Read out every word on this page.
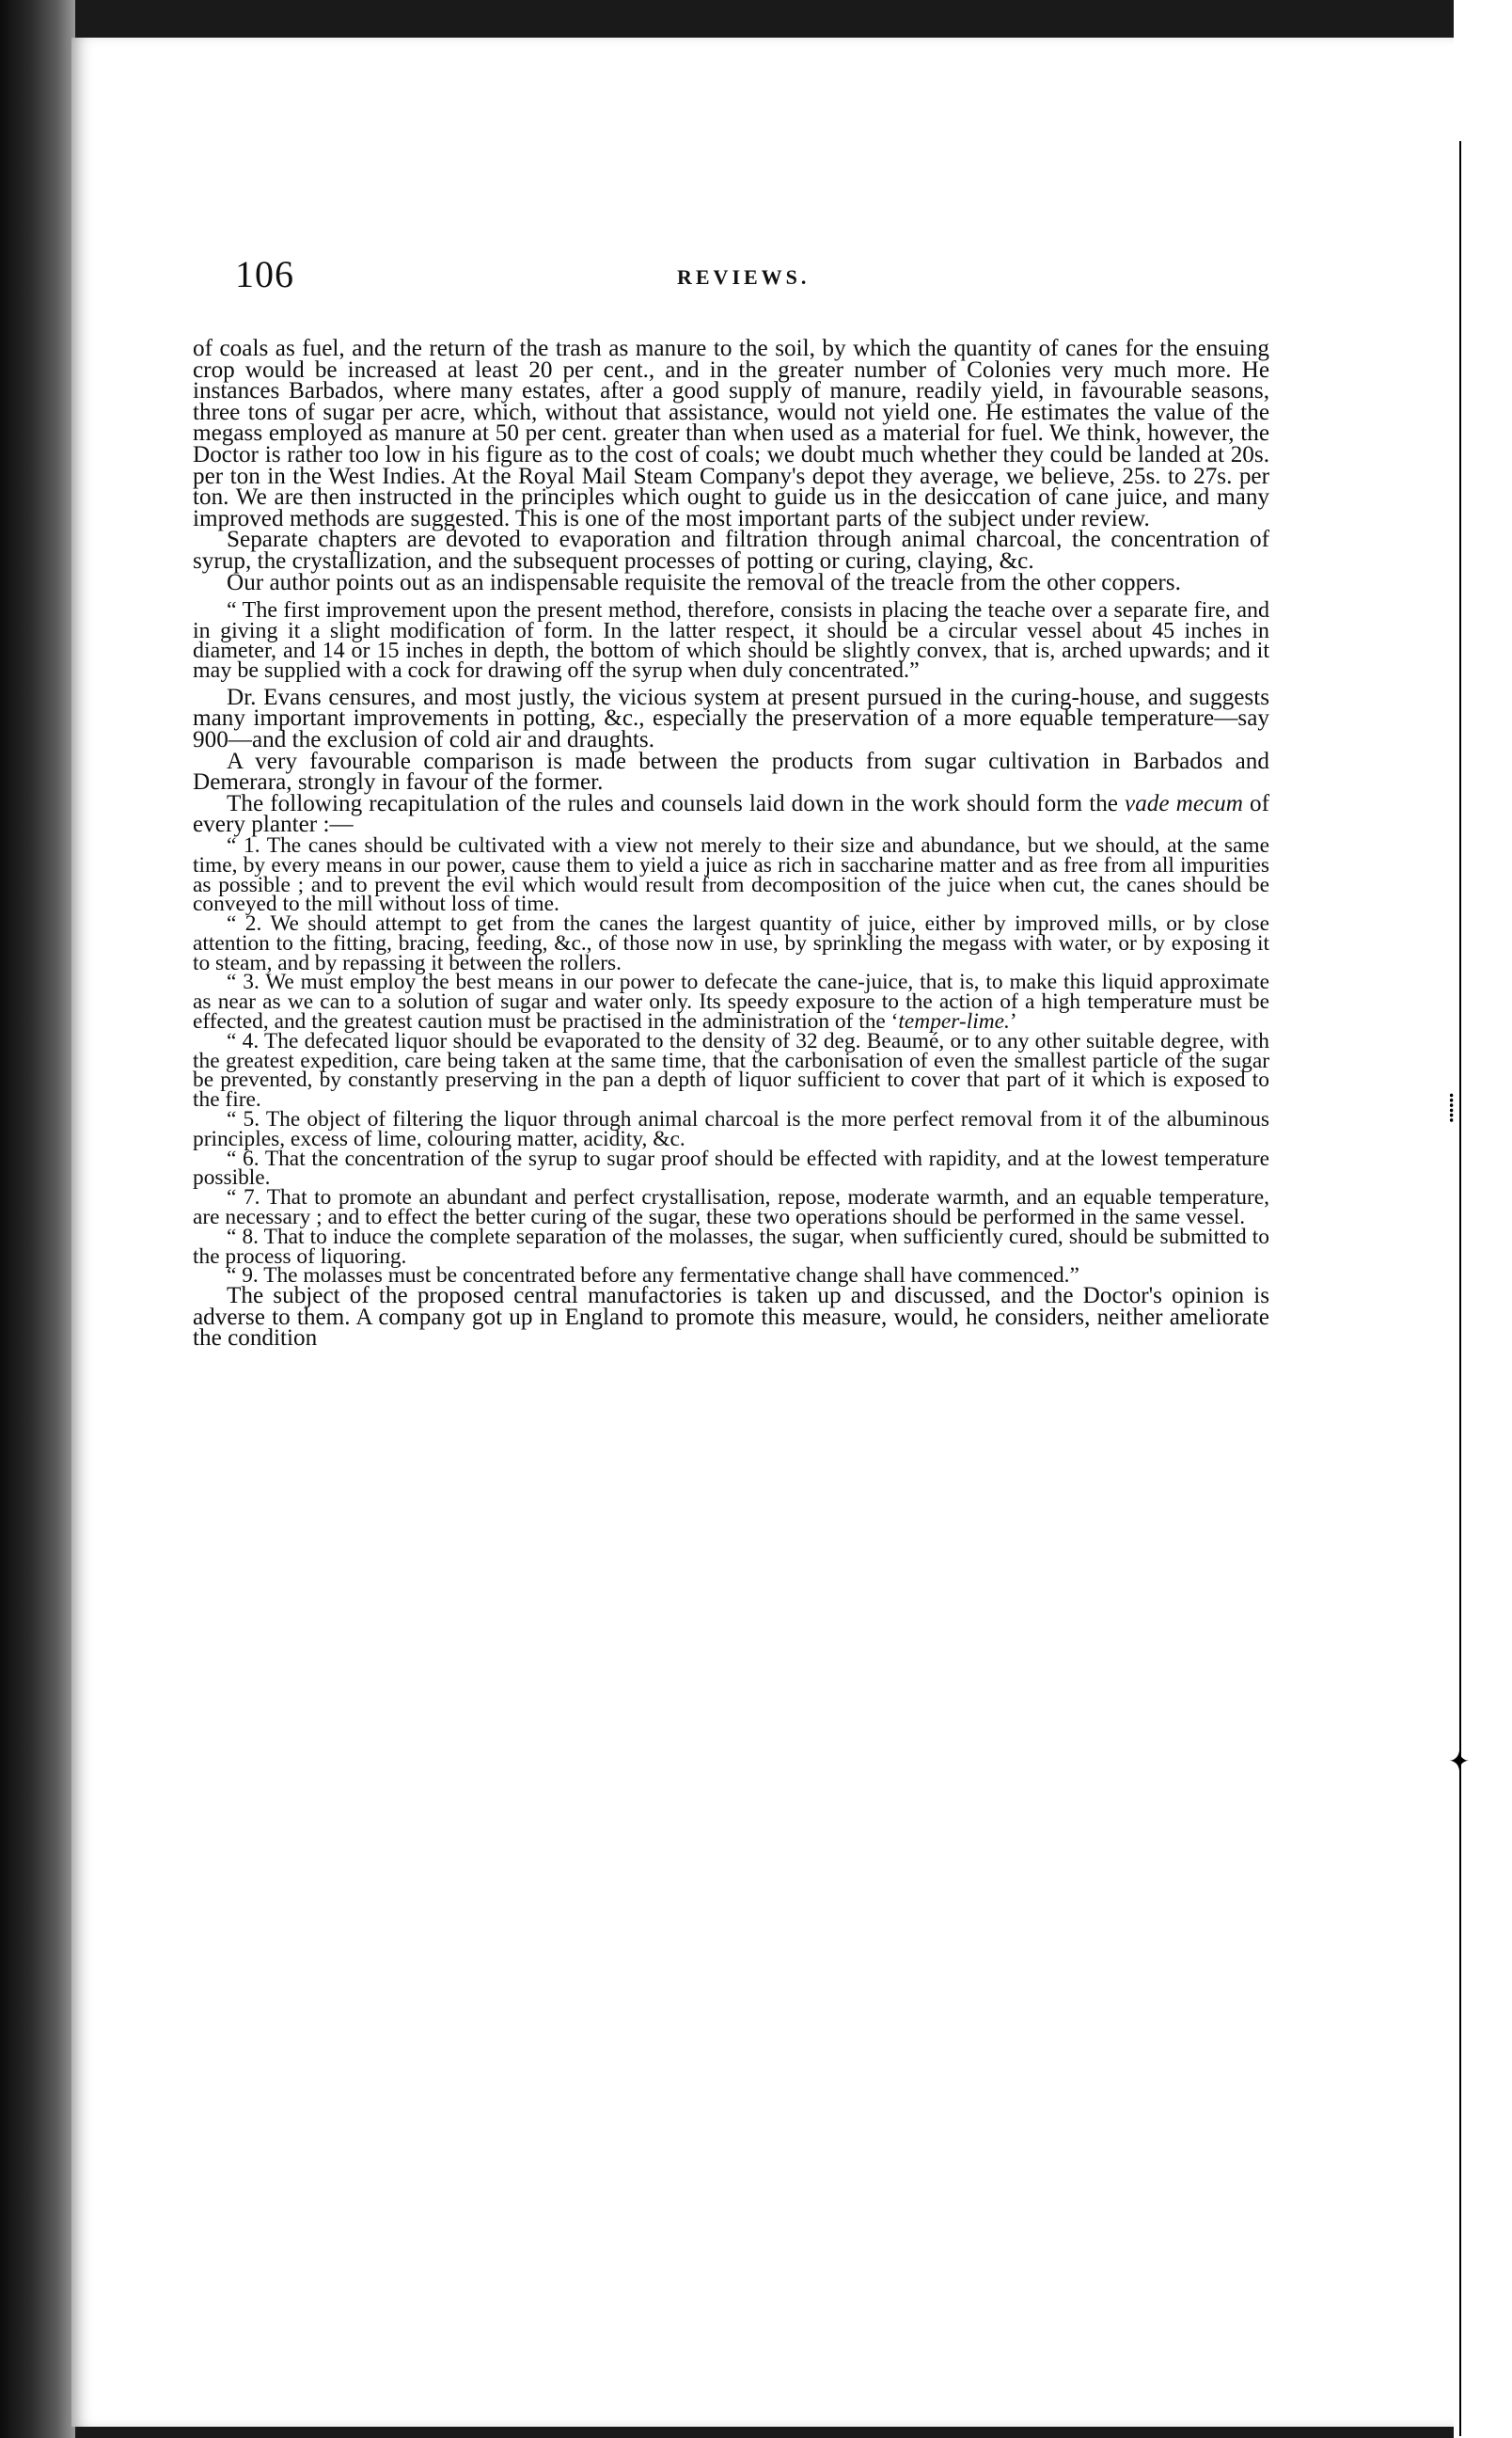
⸽
✦
106	REVIEWS.

of coals as fuel, and the return of the trash as manure to the soil, by which the quantity of canes for the ensuing crop would be increased at least 20 per cent., and in the greater number of Colonies very much more. He instances Barbados, where many estates, after a good supply of manure, readily yield, in favourable seasons, three tons of sugar per acre, which, without that assistance, would not yield one. He estimates the value of the megass employed as manure at 50 per cent. greater than when used as a material for fuel. We think, however, the Doctor is rather too low in his figure as to the cost of coals; we doubt much whether they could be landed at 20s. per ton in the West Indies. At the Royal Mail Steam Company's depot they average, we believe, 25s. to 27s. per ton. We are then instructed in the principles which ought to guide us in the desiccation of cane juice, and many improved methods are suggested. This is one of the most important parts of the subject under review.

Separate chapters are devoted to evaporation and filtration through animal charcoal, the concentration of syrup, the crystallization, and the subsequent processes of potting or curing, claying, &c.

Our author points out as an indispensable requisite the removal of the treacle from the other coppers.

“ The first improvement upon the present method, therefore, consists in placing the teache over a separate fire, and in giving it a slight modification of form. In the latter respect, it should be a circular vessel about 45 inches in diameter, and 14 or 15 inches in depth, the bottom of which should be slightly convex, that is, arched upwards; and it may be supplied with a cock for drawing off the syrup when duly concentrated.”

Dr. Evans censures, and most justly, the vicious system at present pursued in the curing-house, and suggests many important improvements in potting, &c., especially the preservation of a more equable temperature—say 900—and the exclusion of cold air and draughts.

A very favourable comparison is made between the products from sugar cultivation in Barbados and Demerara, strongly in favour of the former.

The following recapitulation of the rules and counsels laid down in the work should form the vade mecum of every planter :—

“ 1. The canes should be cultivated with a view not merely to their size and abundance, but we should, at the same time, by every means in our power, cause them to yield a juice as rich in saccharine matter and as free from all impurities as possible ; and to prevent the evil which would result from decomposition of the juice when cut, the canes should be conveyed to the mill without loss of time.

“ 2. We should attempt to get from the canes the largest quantity of juice, either by improved mills, or by close attention to the fitting, bracing, feeding, &c., of those now in use, by sprinkling the megass with water, or by exposing it to steam, and by repassing it between the rollers.

“ 3. We must employ the best means in our power to defecate the cane-juice, that is, to make this liquid approximate as near as we can to a solution of sugar and water only. Its speedy exposure to the action of a high temperature must be effected, and the greatest caution must be practised in the administration of the ‘temper-lime.’

“ 4. The defecated liquor should be evaporated to the density of 32 deg. Beaumé, or to any other suitable degree, with the greatest expedition, care being taken at the same time, that the carbonisation of even the smallest particle of the sugar be prevented, by constantly preserving in the pan a depth of liquor sufficient to cover that part of it which is exposed to the fire.

“ 5. The object of filtering the liquor through animal charcoal is the more perfect removal from it of the albuminous principles, excess of lime, colouring matter, acidity, &c.

“ 6. That the concentration of the syrup to sugar proof should be effected with rapidity, and at the lowest temperature possible.

“ 7. That to promote an abundant and perfect crystallisation, repose, moderate warmth, and an equable temperature, are necessary ; and to effect the better curing of the sugar, these two operations should be performed in the same vessel.

“ 8. That to induce the complete separation of the molasses, the sugar, when sufficiently cured, should be submitted to the process of liquoring.

“ 9. The molasses must be concentrated before any fermentative change shall have commenced.”

The subject of the proposed central manufactories is taken up and discussed, and the Doctor's opinion is adverse to them. A company got up in England to promote this measure, would, he considers, neither ameliorate the condition
